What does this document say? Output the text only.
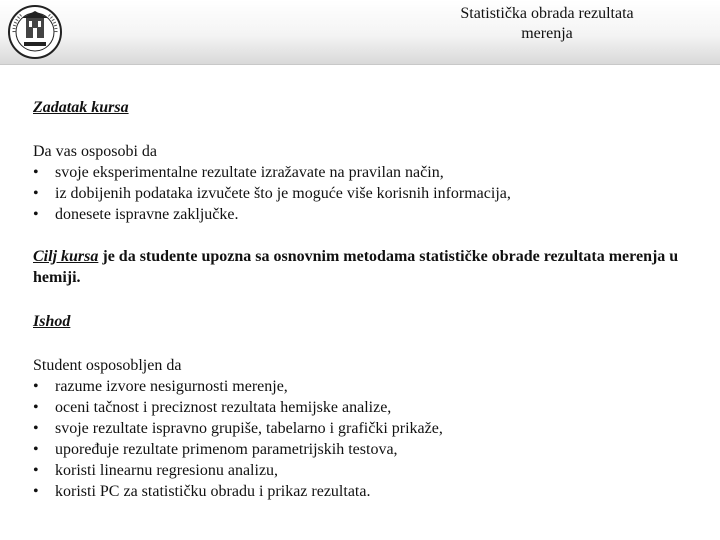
Statistička obrada rezultata
merenja
Zadatak kursa
Da vas osposobi da
• svoje eksperimentalne rezultate izražavate na pravilan način,
• iz dobijenih podataka izvučete što je moguće više korisnih informacija,
• donesete ispravne zaključke.
Cilj kursa je da studente upozna sa osnovnim metodama statističke obrade rezultata merenja u hemiji.
Ishod
Student osposobljen da
• razume izvore nesigurnosti merenje,
• oceni tačnost i preciznost rezultata hemijske analize,
• svoje rezultate ispravno grupiše, tabelarno i grafički prikaže,
• upoređuje rezultate primenom parametrijskih testova,
• koristi linearnu regresionu analizu,
• koristi PC za statističku obradu i prikaz rezultata.
